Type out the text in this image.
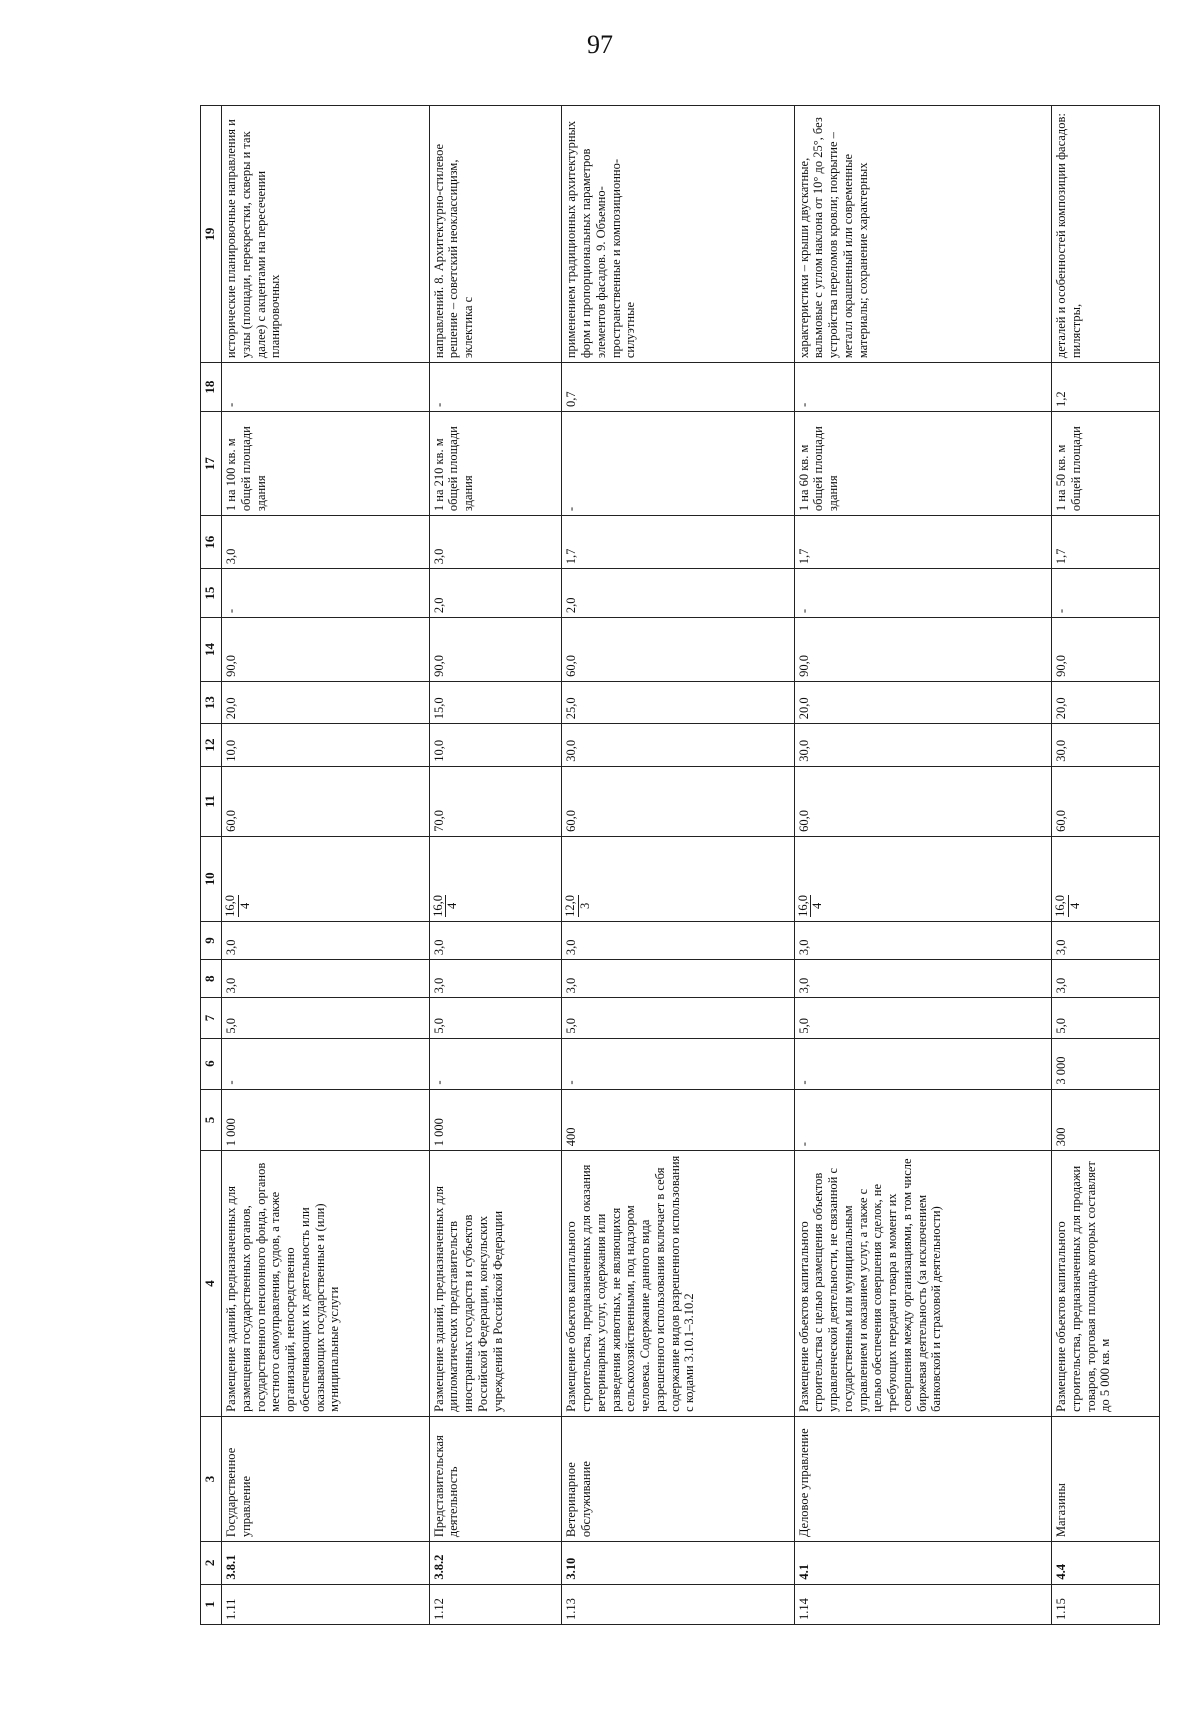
97
1	2	3	4	5	6	7	8	9	10	11	12	13	14	15	16	17	18	19
1.11	3.8.1	Государственное управление	Размещение зданий, предназначенных для размещения государственных органов, государственного пенсионного фонда, органов местного самоуправления, судов, а также организаций, непосредственно обеспечивающих их деятельность или оказывающих государственные и (или) муниципальные услуги	1 000	-	5,0	3,0	3,0	16,0 4	60,0	10,0	20,0	90,0	-	3,0	1 на 100 кв. м общей площади здания	-	исторические планировочные направления и узлы (площади, перекрестки, скверы и так далее) с акцентами на пересечении планировочных
1.12	3.8.2	Представительская деятельность	Размещение зданий, предназначенных для дипломатических представительств иностранных государств и субъектов Российской Федерации, консульских учреждений в Российской Федерации	1 000	-	5,0	3,0	3,0	16,0 4	70,0	10,0	15,0	90,0	2,0	3,0	1 на 210 кв. м общей площади здания	-	направлений. 8. Архитектурно-стилевое решение – советский неоклассицизм, эклектика с
1.13	3.10	Ветеринарное обслуживание	Размещение объектов капитального строительства, предназначенных для оказания ветеринарных услуг, содержания или разведения животных, не являющихся сельскохозяйственными, под надзором человека. Содержание данного вида разрешенного использования включает в себя содержание видов разрешенного использования с кодами 3.10.1–3.10.2	400	-	5,0	3,0	3,0	12,0 3	60,0	30,0	25,0	60,0	2,0	1,7	-	0,7	применением традиционных архитектурных форм и пропорциональных параметров элементов фасадов. 9. Объемно-пространственные и композиционно-силуэтные
1.14	4.1	Деловое управление	Размещение объектов капитального строительства с целью размещения объектов управленческой деятельности, не связанной с государственным или муниципальным управлением и оказанием услуг, а также с целью обеспечения совершения сделок, не требующих передачи товара в момент их совершения между организациями, в том числе биржевая деятельность (за исключением банковской и страховой деятельности)	-	-	5,0	3,0	3,0	16,0 4	60,0	30,0	20,0	90,0	-	1,7	1 на 60 кв. м общей площади здания	-	характеристики – крыши двускатные, вальмовые с углом наклона от 10° до 25°, без устройства переломов кровли; покрытие – металл окрашенный или современные материалы; сохранение характерных
1.15	4.4	Магазины	Размещение объектов капитального строительства, предназначенных для продажи товаров, торговая площадь которых составляет до 5 000 кв. м	300	3 000	5,0	3,0	3,0	16,0 4	60,0	30,0	20,0	90,0	-	1,7	1 на 50 кв. м общей площади	1,2	деталей и особенностей композиции фасадов: пилястры,
